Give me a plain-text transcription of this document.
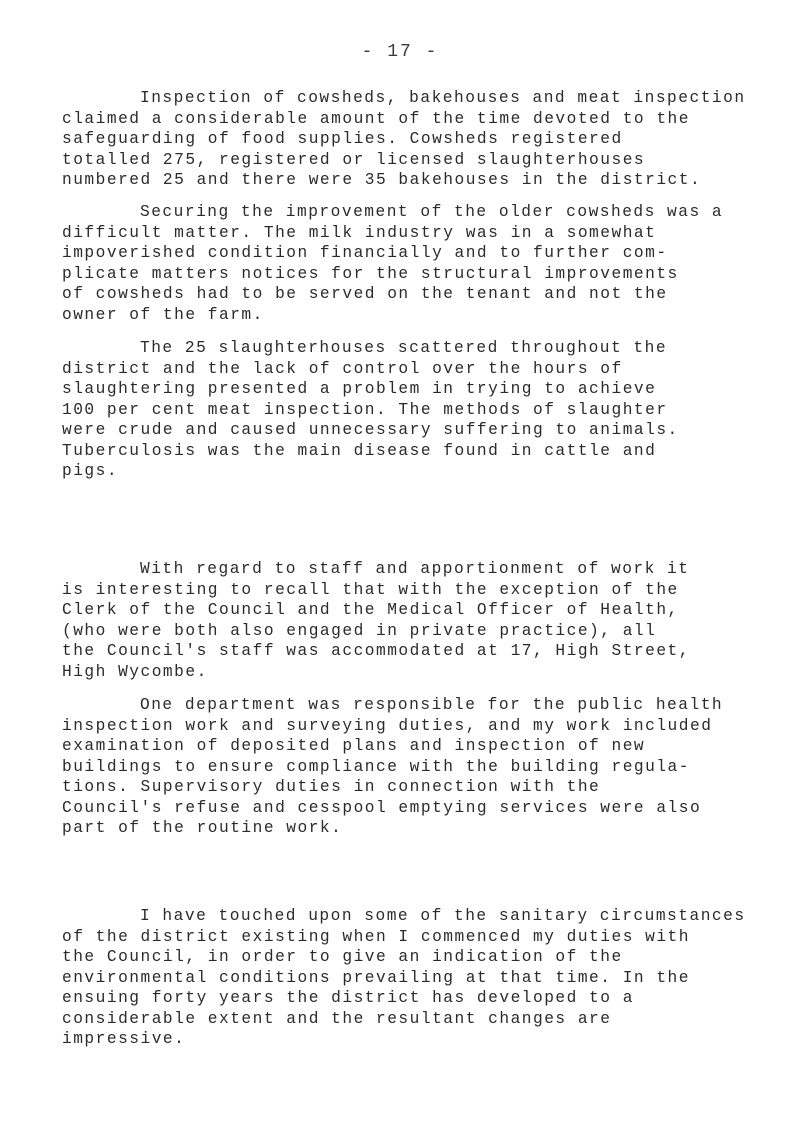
- 17 -
Inspection of cowsheds, bakehouses and meat inspection
claimed a considerable amount of the time devoted to the
safeguarding of food supplies. Cowsheds registered
totalled 275, registered or licensed slaughterhouses
numbered 25 and there were 35 bakehouses in the district.
Securing the improvement of the older cowsheds was a
difficult matter. The milk industry was in a somewhat
impoverished condition financially and to further com-
plicate matters notices for the structural improvements
of cowsheds had to be served on the tenant and not the
owner of the farm.
The 25 slaughterhouses scattered throughout the
district and the lack of control over the hours of
slaughtering presented a problem in trying to achieve
100 per cent meat inspection. The methods of slaughter
were crude and caused unnecessary suffering to animals.
Tuberculosis was the main disease found in cattle and
pigs.
With regard to staff and apportionment of work it
is interesting to recall that with the exception of the
Clerk of the Council and the Medical Officer of Health,
(who were both also engaged in private practice), all
the Council's staff was accommodated at 17, High Street,
High Wycombe.
One department was responsible for the public health
inspection work and surveying duties, and my work included
examination of deposited plans and inspection of new
buildings to ensure compliance with the building regula-
tions. Supervisory duties in connection with the
Council's refuse and cesspool emptying services were also
part of the routine work.
I have touched upon some of the sanitary circumstances
of the district existing when I commenced my duties with
the Council, in order to give an indication of the
environmental conditions prevailing at that time. In the
ensuing forty years the district has developed to a
considerable extent and the resultant changes are
impressive.
